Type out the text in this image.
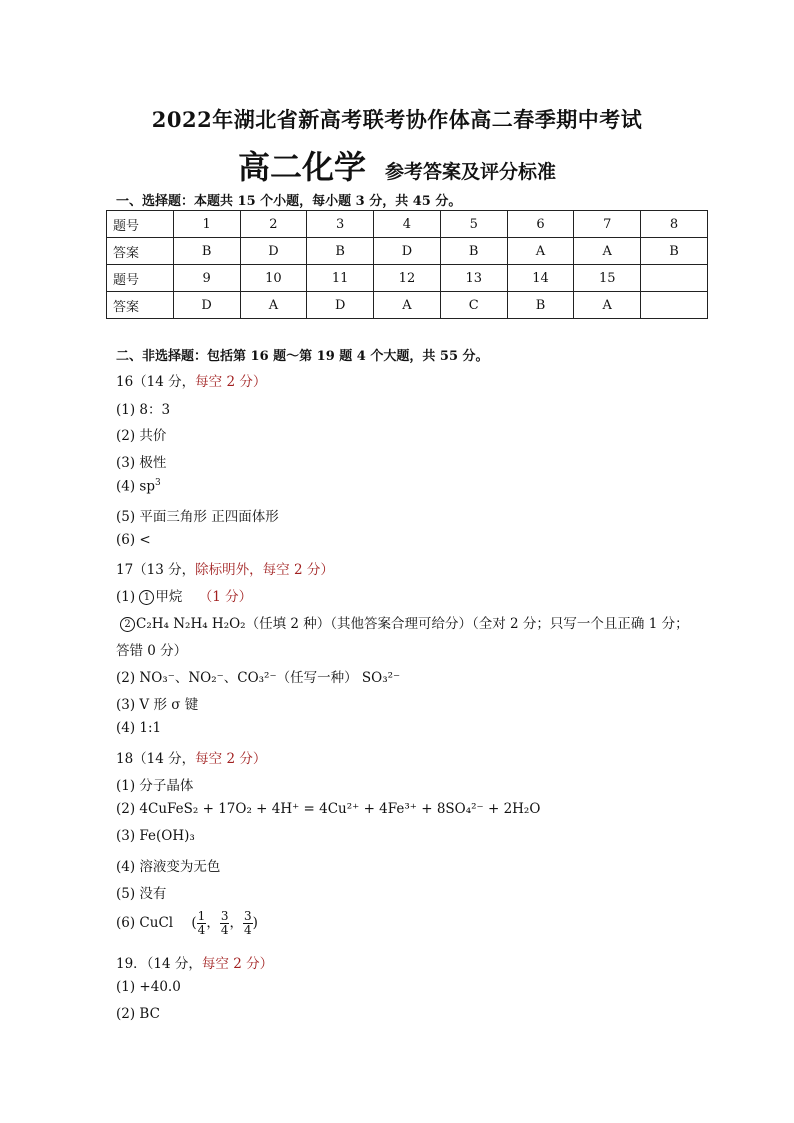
2022年湖北省新高考联考协作体高二春季期中考试
高二化学 参考答案及评分标准
一、选择题：本题共 15 个小题，每小题 3 分，共 45 分。
题号	1	2	3	4	5	6	7	8
答案	B	D	B	D	B	A	A	B
题号	9	10	11	12	13	14	15	
答案	D	A	D	A	C	B	A	
二、非选择题：包括第 16 题～第 19 题 4 个大题，共 55 分。
16（14 分，每空 2 分）
(1) 8：3
(2) 共价
(3) 极性
(4) $sp^3$
(5) 平面三角形 正四面体形
(6) <
17（13 分，除标明外，每空 2 分）
(1) 1 甲烷 （1 分）
2 C₂H₄ N₂H₄ H₂O₂（任填 2 种）（其他答案合理可给分）（全对 2 分；只写一个且正确 1 分；
答错 0 分）
(2) NO₃⁻、NO₂⁻、CO₃²⁻（任写一种） SO₃²⁻
(3) V 形 σ 键
(4) 1:1
18（14 分，每空 2 分）
(1) 分子晶体
(2) 4CuFeS₂ + 17O₂ + 4H⁺ = 4Cu²⁺ + 4Fe³⁺ + 8SO₄²⁻ + 2H₂O
(3) Fe(OH)₃
(4) 溶液变为无色
(5) 没有
(6) CuCl ( $\frac{1}{4}$ ， $\frac{3}{4}$ ， $\frac{3}{4}$ )
19．（14 分，每空 2 分）
(1) +40.0
(2) BC
